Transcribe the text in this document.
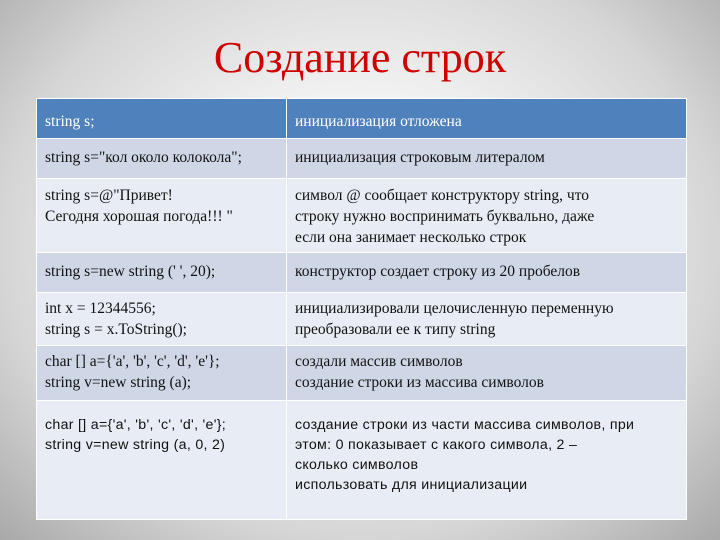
Создание строк
string s;	инициализация отложена
string s="кол около колокола";	инициализация строковым литералом
string s=@"Привет!
Сегодня хорошая погода!!! "	символ @ сообщает конструктору string, что
строку нужно воспринимать буквально, даже
если она занимает несколько строк
string s=new string (' ', 20);	конструктор создает строку из 20 пробелов
int x = 12344556;
string s = x.ToString();	инициализировали целочисленную переменную
преобразовали ее к типу string
char [] a={'a', 'b', 'c', 'd', 'e'};
string v=new string (a);	создали массив символов
создание строки из массива символов
char [] a={'a', 'b', 'c', 'd', 'e'};
string v=new string (a, 0, 2)	создание строки из части массива символов, при
этом: 0 показывает с какого символа, 2 –
сколько символов
использовать для инициализации
